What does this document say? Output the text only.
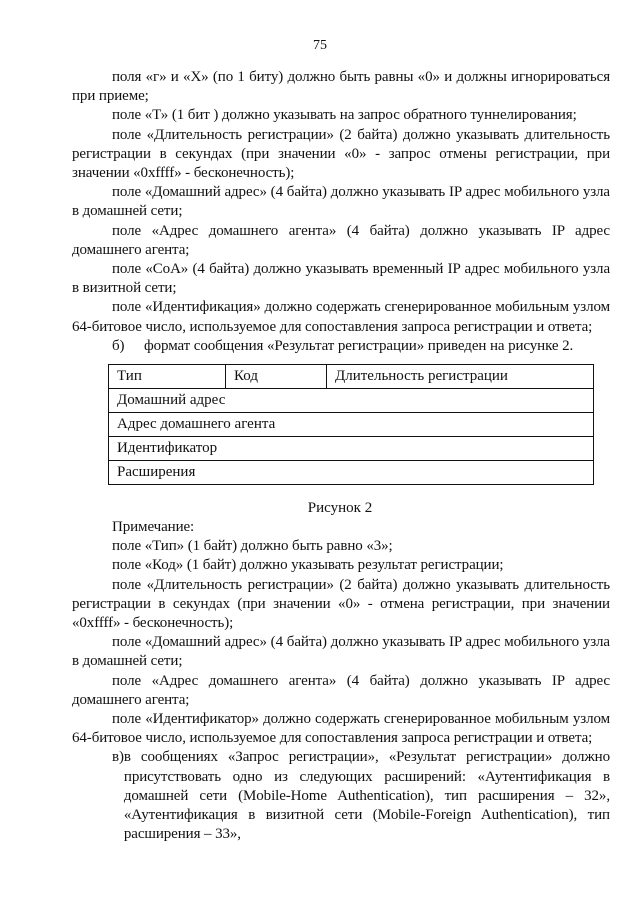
75

поля «г» и «Х» (по 1 биту) должно быть равны «0» и должны игнорироваться при приеме;

поле «Т» (1 бит ) должно указывать на запрос обратного туннелирования;

поле «Длительность регистрации» (2 байта) должно указывать длительность регистрации в секундах (при значении «0» - запрос отмены регистрации, при значении «0xffff» - бесконечность);

поле «Домашний адрес» (4 байта) должно указывать IP адрес мобильного узла в домашней сети;

поле «Адрес домашнего агента» (4 байта) должно указывать IP адрес домашнего агента;

поле «CoA» (4 байта) должно указывать временный IP адрес мобильного узла в визитной сети;

поле «Идентификация» должно содержать сгенерированное мобильным узлом 64-битовое число, используемое для сопоставления запроса регистрации и ответа;

б)	формат сообщения «Результат регистрации» приведен на рисунке 2.
Тип	Код	Длительность регистрации
Домашний адрес
Адрес домашнего агента
Идентификатор
Расширения
Рисунок 2

Примечание:

поле «Тип» (1 байт) должно быть равно «3»;

поле «Код» (1 байт) должно указывать результат регистрации;

поле «Длительность регистрации» (2 байта) должно указывать длительность регистрации в секундах (при значении «0» - отмена регистрации, при значении «0xffff» - бесконечность);

поле «Домашний адрес» (4 байта) должно указывать IP адрес мобильного узла в домашней сети;

поле «Адрес домашнего агента» (4 байта) должно указывать IP адрес домашнего агента;

поле «Идентификатор» должно содержать сгенерированное мобильным узлом 64-битовое число, используемое для сопоставления запроса регистрации и ответа;

в) в сообщениях «Запрос регистрации», «Результат регистрации» должно присутствовать одно из следующих расширений: «Аутентификация в домашней сети (Mobile-Home Authentication), тип расширения – 32», «Аутентификация в визитной сети (Mobile-Foreign Authentication), тип расширения – 33»,
